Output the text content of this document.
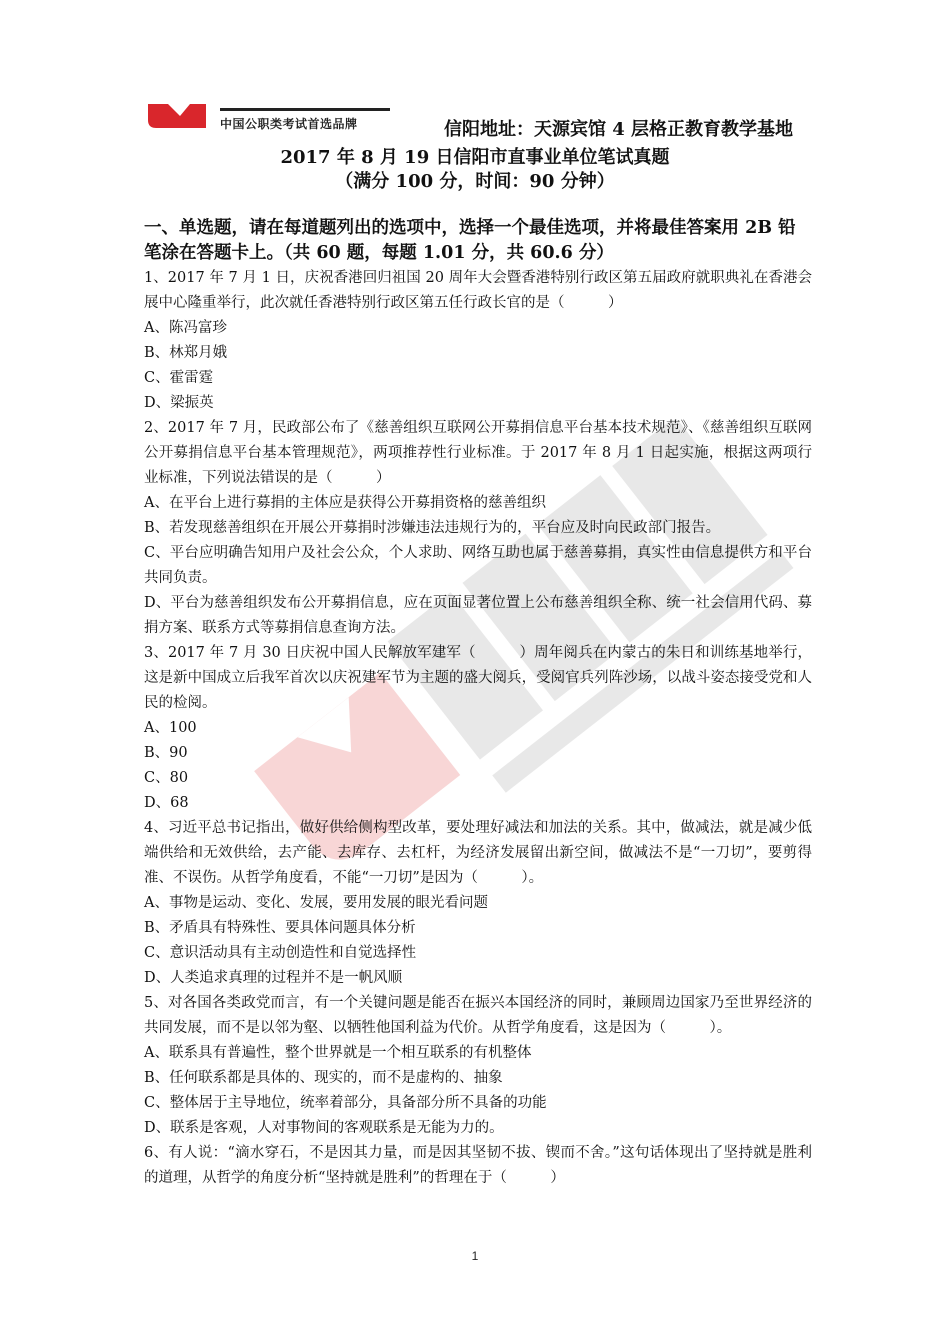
中国公职类考试首选品牌	信阳地址：天源宾馆 4 层格正教育教学基地
2017 年 8 月 19 日信阳市直事业单位笔试真题
（满分 100 分，时间：90 分钟）
一、单选题，请在每道题列出的选项中，选择一个最佳选项，并将最佳答案用 2B 铅笔涂在答题卡上。（共 60 题，每题 1.01 分，共 60.6 分）

1、2017 年 7 月 1 日，庆祝香港回归祖国 20 周年大会暨香港特别行政区第五届政府就职典礼在香港会展中心隆重举行，此次就任香港特别行政区第五任行政长官的是（　　　）

A、陈冯富珍

B、林郑月娥

C、霍雷霆

D、梁振英

2、2017 年 7 月，民政部公布了《慈善组织互联网公开募捐信息平台基本技术规范》、《慈善组织互联网公开募捐信息平台基本管理规范》，两项推荐性行业标准。于 2017 年 8 月 1 日起实施，根据这两项行业标准，下列说法错误的是（　　　）

A、在平台上进行募捐的主体应是获得公开募捐资格的慈善组织

B、若发现慈善组织在开展公开募捐时涉嫌违法违规行为的，平台应及时向民政部门报告。

C、平台应明确告知用户及社会公众，个人求助、网络互助也属于慈善募捐，真实性由信息提供方和平台共同负责。

D、平台为慈善组织发布公开募捐信息，应在页面显著位置上公布慈善组织全称、统一社会信用代码、募捐方案、联系方式等募捐信息查询方法。

3、2017 年 7 月 30 日庆祝中国人民解放军建军（　　　）周年阅兵在内蒙古的朱日和训练基地举行，这是新中国成立后我军首次以庆祝建军节为主题的盛大阅兵，受阅官兵列阵沙场，以战斗姿态接受党和人民的检阅。

A、100

B、90

C、80

D、68

4、习近平总书记指出，做好供给侧构型改革，要处理好减法和加法的关系。其中，做减法，就是减少低端供给和无效供给，去产能、去库存、去杠杆，为经济发展留出新空间，做减法不是“一刀切”，要剪得准、不误伤。从哲学角度看，不能“一刀切”是因为（　　　）。

A、事物是运动、变化、发展，要用发展的眼光看问题

B、矛盾具有特殊性、要具体问题具体分析

C、意识活动具有主动创造性和自觉选择性

D、人类追求真理的过程并不是一帆风顺

5、对各国各类政党而言，有一个关键问题是能否在振兴本国经济的同时，兼顾周边国家乃至世界经济的共同发展，而不是以邻为壑、以牺牲他国利益为代价。从哲学角度看，这是因为（　　　）。

A、联系具有普遍性，整个世界就是一个相互联系的有机整体

B、任何联系都是具体的、现实的，而不是虚构的、抽象

C、整体居于主导地位，统率着部分，具备部分所不具备的功能

D、联系是客观，人对事物间的客观联系是无能为力的。

6、有人说：“滴水穿石，不是因其力量，而是因其坚韧不拔、锲而不舍。”这句话体现出了坚持就是胜利的道理，从哲学的角度分析“坚持就是胜利”的哲理在于（　　　）

1
